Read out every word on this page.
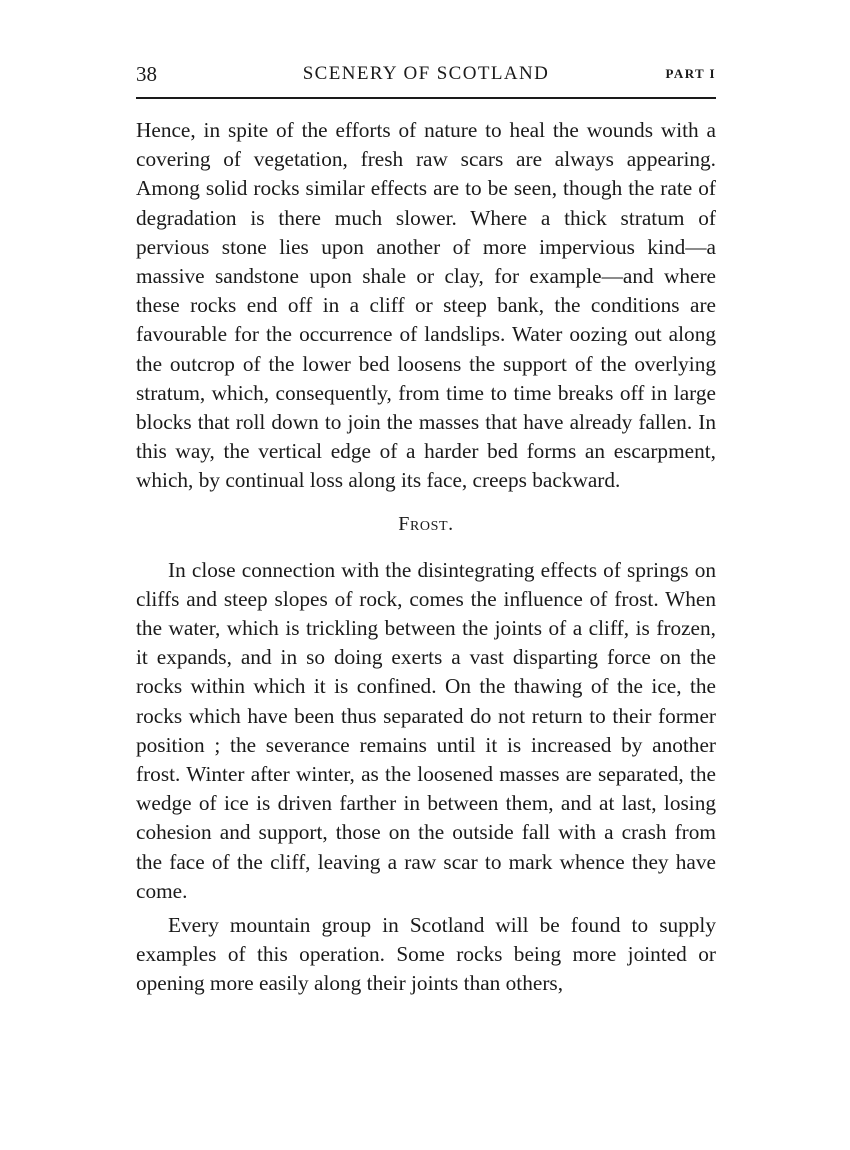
38	SCENERY OF SCOTLAND	PART I

Hence, in spite of the efforts of nature to heal the wounds with a covering of vegetation, fresh raw scars are always appearing. Among solid rocks similar effects are to be seen, though the rate of degradation is there much slower. Where a thick stratum of pervious stone lies upon another of more impervious kind—a massive sandstone upon shale or clay, for example—and where these rocks end off in a cliff or steep bank, the conditions are favourable for the occurrence of landslips. Water oozing out along the outcrop of the lower bed loosens the support of the overlying stratum, which, consequently, from time to time breaks off in large blocks that roll down to join the masses that have already fallen. In this way, the vertical edge of a harder bed forms an escarpment, which, by continual loss along its face, creeps backward.

Frost.

In close connection with the disintegrating effects of springs on cliffs and steep slopes of rock, comes the influence of frost. When the water, which is trickling between the joints of a cliff, is frozen, it expands, and in so doing exerts a vast disparting force on the rocks within which it is confined. On the thawing of the ice, the rocks which have been thus separated do not return to their former position ; the severance remains until it is increased by another frost. Winter after winter, as the loosened masses are separated, the wedge of ice is driven farther in between them, and at last, losing cohesion and support, those on the outside fall with a crash from the face of the cliff, leaving a raw scar to mark whence they have come.

Every mountain group in Scotland will be found to supply examples of this operation. Some rocks being more jointed or opening more easily along their joints than others,
